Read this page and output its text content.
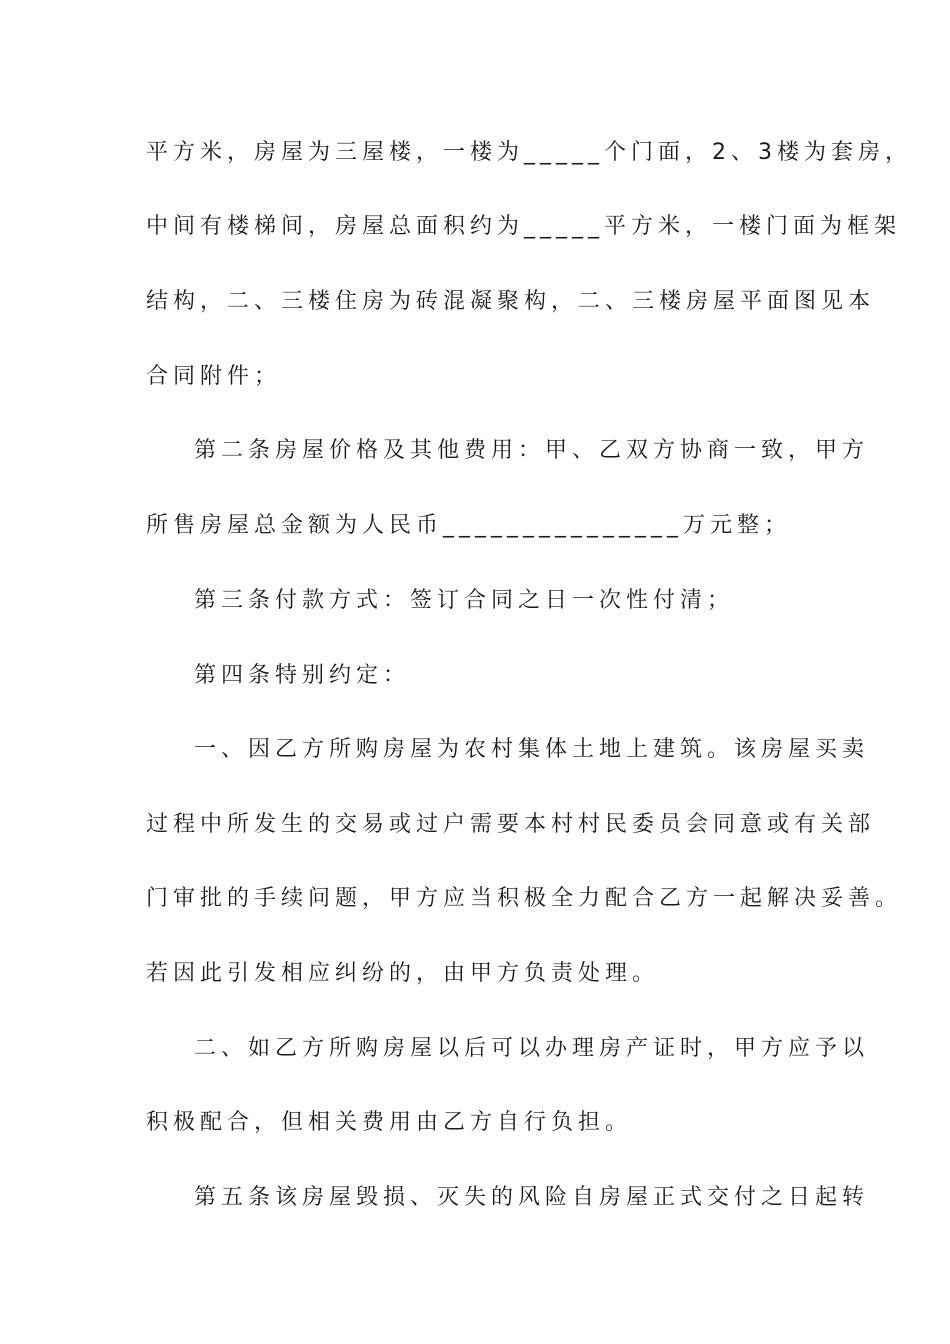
平方米，房屋为三屋楼，一楼为_____个门面，2、3楼为套房，
中间有楼梯间，房屋总面积约为_____平方米，一楼门面为框架
结构，二、三楼住房为砖混凝聚构，二、三楼房屋平面图见本
合同附件；
第二条房屋价格及其他费用：甲、乙双方协商一致，甲方
所售房屋总金额为人民币_______________万元整；
第三条付款方式：签订合同之日一次性付清；
第四条特别约定：
一、因乙方所购房屋为农村集体土地上建筑。该房屋买卖
过程中所发生的交易或过户需要本村村民委员会同意或有关部
门审批的手续问题，甲方应当积极全力配合乙方一起解决妥善。
若因此引发相应纠纷的，由甲方负责处理。
二、如乙方所购房屋以后可以办理房产证时，甲方应予以
积极配合，但相关费用由乙方自行负担。
第五条该房屋毁损、灭失的风险自房屋正式交付之日起转
